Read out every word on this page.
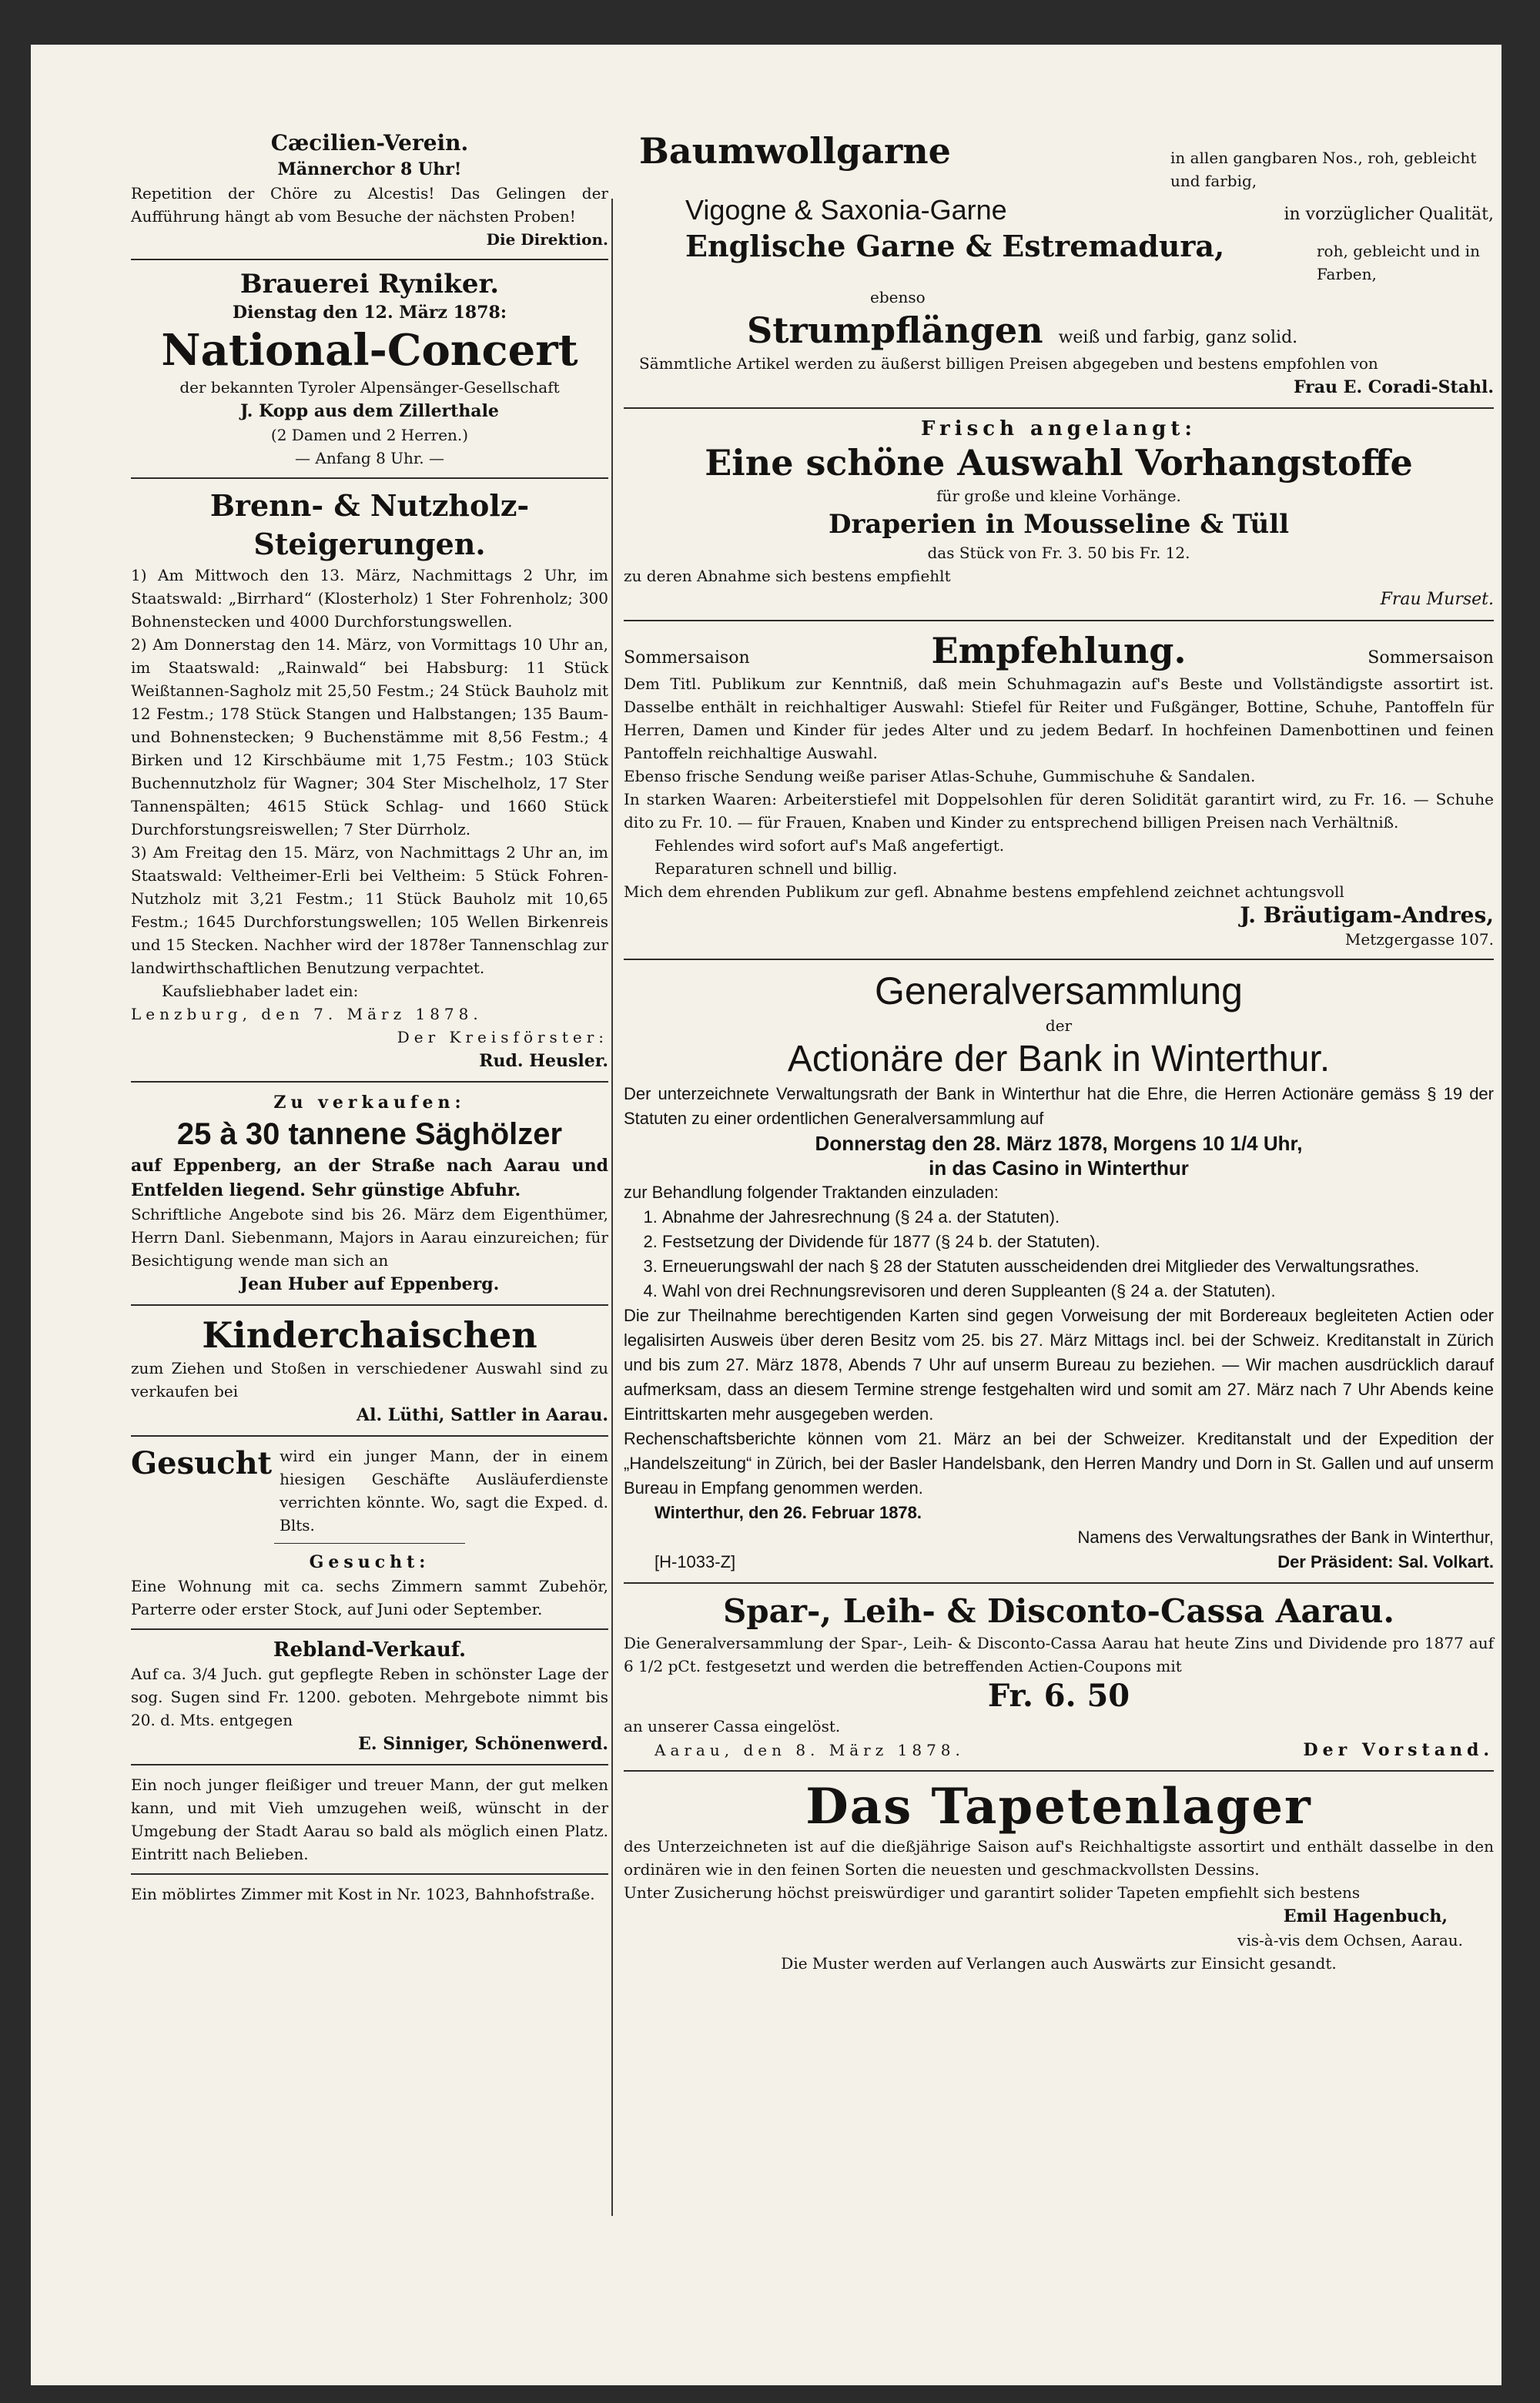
Cæcilien-Verein.

Männerchor 8 Uhr!

Repetition der Chöre zu Alcestis! Das Gelingen der Aufführung hängt ab vom Besuche der nächsten Proben!

Die Direktion.

Brauerei Ryniker.

Dienstag den 12. März 1878:

National-Concert

der bekannten Tyroler Alpensänger-Gesellschaft

J. Kopp aus dem Zillerthale

(2 Damen und 2 Herren.)

— Anfang 8 Uhr. —

Brenn- & Nutzholz-Steigerungen.

1) Am Mittwoch den 13. März, Nachmittags 2 Uhr, im Staatswald: „Birrhard“ (Klosterholz) 1 Ster Fohrenholz; 300 Bohnenstecken und 4000 Durchforstungswellen.

2) Am Donnerstag den 14. März, von Vormittags 10 Uhr an, im Staatswald: „Rainwald“ bei Habsburg: 11 Stück Weißtannen-Sagholz mit 25,50 Festm.; 24 Stück Bauholz mit 12 Festm.; 178 Stück Stangen und Halbstangen; 135 Baum- und Bohnenstecken; 9 Buchenstämme mit 8,56 Festm.; 4 Birken und 12 Kirschbäume mit 1,75 Festm.; 103 Stück Buchennutzholz für Wagner; 304 Ster Mischelholz, 17 Ster Tannenspälten; 4615 Stück Schlag- und 1660 Stück Durchforstungsreiswellen; 7 Ster Dürrholz.

3) Am Freitag den 15. März, von Nachmittags 2 Uhr an, im Staatswald: Veltheimer-Erli bei Veltheim: 5 Stück Fohren-Nutzholz mit 3,21 Festm.; 11 Stück Bauholz mit 10,65 Festm.; 1645 Durchforstungswellen; 105 Wellen Birkenreis und 15 Stecken. Nachher wird der 1878er Tannenschlag zur landwirthschaftlichen Benutzung verpachtet.

Kaufsliebhaber ladet ein:

Lenzburg, den 7. März 1878.

Der Kreisförster:

Rud. Heusler.

Zu verkaufen:

25 à 30 tannene Säghölzer

auf Eppenberg, an der Straße nach Aarau und Entfelden liegend. Sehr günstige Abfuhr.

Schriftliche Angebote sind bis 26. März dem Eigenthümer, Herrn Danl. Siebenmann, Majors in Aarau einzureichen; für Besichtigung wende man sich an

Jean Huber auf Eppenberg.

Kinderchaischen

zum Ziehen und Stoßen in verschiedener Auswahl sind zu verkaufen bei

Al. Lüthi, Sattler in Aarau.

Gesucht wird ein junger Mann, der in einem hiesigen Geschäfte Ausläuferdienste verrichten könnte. Wo, sagt die Exped. d. Blts.

Gesucht:

Eine Wohnung mit ca. sechs Zimmern sammt Zubehör, Parterre oder erster Stock, auf Juni oder September.

Rebland-Verkauf.

Auf ca. 3/4 Juch. gut gepflegte Reben in schönster Lage der sog. Sugen sind Fr. 1200. geboten. Mehrgebote nimmt bis 20. d. Mts. entgegen

E. Sinniger, Schönenwerd.

Ein noch junger fleißiger und treuer Mann, der gut melken kann, und mit Vieh umzugehen weiß, wünscht in der Umgebung der Stadt Aarau so bald als möglich einen Platz. Eintritt nach Belieben.

Ein möblirtes Zimmer mit Kost in Nr. 1023, Bahnhofstraße.

Baumwollgarne	in allen gangbaren Nos., roh, gebleicht und farbig,

Vigogne & Saxonia-Garne	in vorzüglicher Qualität,

Englische Garne & Estremadura,	roh, gebleicht und in Farben,

ebenso

Strumpflängen weiß und farbig, ganz solid.

Sämmtliche Artikel werden zu äußerst billigen Preisen abgegeben und bestens empfohlen von

Frau E. Coradi-Stahl.

Frisch angelangt:

Eine schöne Auswahl Vorhangstoffe

für große und kleine Vorhänge.

Draperien in Mousseline & Tüll

das Stück von Fr. 3. 50 bis Fr. 12.

zu deren Abnahme sich bestens empfiehlt

Frau Murset.

Sommersaison	Empfehlung.	Sommersaison

Dem Titl. Publikum zur Kenntniß, daß mein Schuhmagazin auf's Beste und Vollständigste assortirt ist. Dasselbe enthält in reichhaltiger Auswahl: Stiefel für Reiter und Fußgänger, Bottine, Schuhe, Pantoffeln für Herren, Damen und Kinder für jedes Alter und zu jedem Bedarf. In hochfeinen Damenbottinen und feinen Pantoffeln reichhaltige Auswahl.

Ebenso frische Sendung weiße pariser Atlas-Schuhe, Gummischuhe & Sandalen.

In starken Waaren: Arbeiterstiefel mit Doppelsohlen für deren Solidität garantirt wird, zu Fr. 16. — Schuhe dito zu Fr. 10. — für Frauen, Knaben und Kinder zu entsprechend billigen Preisen nach Verhältniß.

Fehlendes wird sofort auf's Maß angefertigt.

Reparaturen schnell und billig.

Mich dem ehrenden Publikum zur gefl. Abnahme bestens empfehlend zeichnet achtungsvoll

J. Bräutigam-Andres,

Metzgergasse 107.

Generalversammlung

der

Actionäre der Bank in Winterthur.

Der unterzeichnete Verwaltungsrath der Bank in Winterthur hat die Ehre, die Herren Actionäre gemäss § 19 der Statuten zu einer ordentlichen Generalversammlung auf

Donnerstag den 28. März 1878, Morgens 10 1/4 Uhr,

in das Casino in Winterthur

zur Behandlung folgender Traktanden einzuladen:

1. Abnahme der Jahresrechnung (§ 24 a. der Statuten).
2. Festsetzung der Dividende für 1877 (§ 24 b. der Statuten).
3. Erneuerungswahl der nach § 28 der Statuten ausscheidenden drei Mitglieder des Verwaltungsrathes.
4. Wahl von drei Rechnungsrevisoren und deren Suppleanten (§ 24 a. der Statuten).

Die zur Theilnahme berechtigenden Karten sind gegen Vorweisung der mit Bordereaux begleiteten Actien oder legalisirten Ausweis über deren Besitz vom 25. bis 27. März Mittags incl. bei der Schweiz. Kreditanstalt in Zürich und bis zum 27. März 1878, Abends 7 Uhr auf unserm Bureau zu beziehen. — Wir machen ausdrücklich darauf aufmerksam, dass an diesem Termine strenge festgehalten wird und somit am 27. März nach 7 Uhr Abends keine Eintrittskarten mehr ausgegeben werden.

Rechenschaftsberichte können vom 21. März an bei der Schweizer. Kreditanstalt und der Expedition der „Handelszeitung“ in Zürich, bei der Basler Handelsbank, den Herren Mandry und Dorn in St. Gallen und auf unserm Bureau in Empfang genommen werden.

Winterthur, den 26. Februar 1878.

Namens des Verwaltungsrathes der Bank in Winterthur,

[H-1033-Z]	Der Präsident: Sal. Volkart.

Spar-, Leih- & Disconto-Cassa Aarau.

Die Generalversammlung der Spar-, Leih- & Disconto-Cassa Aarau hat heute Zins und Dividende pro 1877 auf 6 1/2 pCt. festgesetzt und werden die betreffenden Actien-Coupons mit

Fr. 6. 50

an unserer Cassa eingelöst.

Aarau, den 8. März 1878.	Der Vorstand.

Das Tapetenlager

des Unterzeichneten ist auf die dießjährige Saison auf's Reichhaltigste assortirt und enthält dasselbe in den ordinären wie in den feinen Sorten die neuesten und geschmackvollsten Dessins.

Unter Zusicherung höchst preiswürdiger und garantirt solider Tapeten empfiehlt sich bestens

Emil Hagenbuch,

vis-à-vis dem Ochsen, Aarau.

Die Muster werden auf Verlangen auch Auswärts zur Einsicht gesandt.
